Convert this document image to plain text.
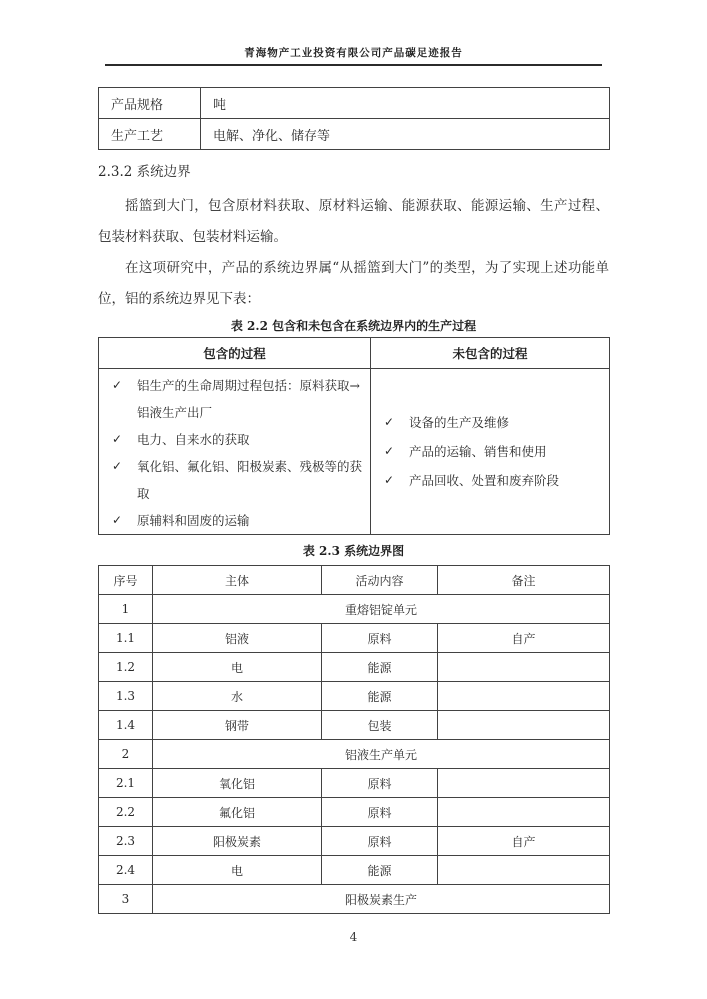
青海物产工业投资有限公司产品碳足迹报告
产品规格	吨
生产工艺	电解、净化、储存等
2.3.2 系统边界

摇篮到大门，包含原材料获取、原材料运输、能源获取、能源运输、生产过程、包装材料获取、包装材料运输。

在这项研究中，产品的系统边界属“从摇篮到大门”的类型，为了实现上述功能单位，铝的系统边界见下表：

表 2.2 包含和未包含在系统边界内的生产过程
包含的过程	未包含的过程

✓	铝生产的生命周期过程包括：原料获取→铝液生产出厂
✓	电力、自来水的获取
✓	氧化铝、氟化铝、阳极炭素、残极等的获取
✓	原辅料和固废的运输

✓	设备的生产及维修
✓	产品的运输、销售和使用
✓	产品回收、处置和废弃阶段
表 2.3 系统边界图
序号	主体	活动内容	备注
1	重熔铝锭单元		
1.1	铝液	原料	自产
1.2	电	能源	
1.3	水	能源	
1.4	钢带	包装	
2	铝液生产单元		
2.1	氧化铝	原料	
2.2	氟化铝	原料	
2.3	阳极炭素	原料	自产
2.4	电	能源	
3	阳极炭素生产		
4
